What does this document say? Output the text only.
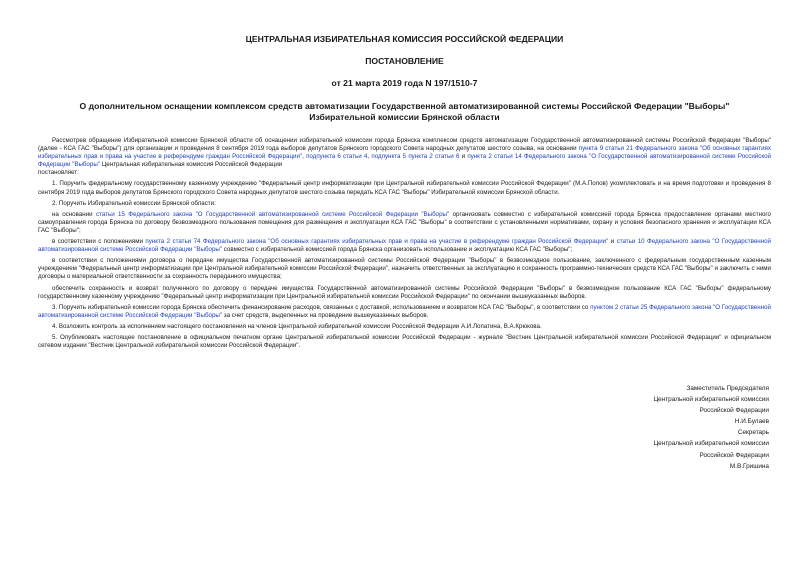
ЦЕНТРАЛЬНАЯ ИЗБИРАТЕЛЬНАЯ КОМИССИЯ РОССИЙСКОЙ ФЕДЕРАЦИИ
ПОСТАНОВЛЕНИЕ
от 21 марта 2019 года N 197/1510-7
О дополнительном оснащении комплексом средств автоматизации Государственной автоматизированной системы Российской Федерации "Выборы"
Избирательной комиссии Брянской области

Рассмотрев обращение Избирательной комиссии Брянской области об оснащении избирательной комиссии города Брянска комплексом средств автоматизации Государственной автоматизированной системы Российской Федерации "Выборы" (далее - КСА ГАС "Выборы") для организации и проведения 8 сентября 2019 года выборов депутатов Брянского городского Совета народных депутатов шестого созыва, на основании пункта 9 статьи 21 Федерального закона "Об основных гарантиях избирательных прав и права на участие в референдуме граждан Российской Федерации", подпункта 6 статьи 4, подпункта 5 пункта 2 статьи 6 и пункта 2 статьи 14 Федерального закона "О Государственной автоматизированной системе Российской Федерации "Выборы" Центральная избирательная комиссия Российской Федерации

постановляет:

1. Поручить федеральному государственному казенному учреждению "Федеральный центр информатизации при Центральной избирательной комиссии Российской Федерации" (М.А.Попов) укомплектовать и на время подготовки и проведения 8 сентября 2019 года выборов депутатов Брянского городского Совета народных депутатов шестого созыва передать КСА ГАС "Выборы" Избирательной комиссии Брянской области.

2. Поручить Избирательной комиссии Брянской области:

на основании статьи 15 Федерального закона "О Государственной автоматизированной системе Российской Федерации "Выборы" организовать совместно с избирательной комиссией города Брянска предоставление органами местного самоуправления города Брянска по договору безвозмездного пользования помещения для размещения и эксплуатации КСА ГАС "Выборы" в соответствии с установленными нормативами, охрану и условия безопасного хранения и эксплуатации КСА ГАС "Выборы";

в соответствии с положениями пункта 2 статьи 74 Федерального закона "Об основных гарантиях избирательных прав и права на участие в референдуме граждан Российской Федерации" и статьи 10 Федерального закона "О Государственной автоматизированной системе Российской Федерации "Выборы" совместно с избирательной комиссией города Брянска организовать использование и эксплуатацию КСА ГАС "Выборы";

в соответствии с положениями договора о передаче имущества Государственной автоматизированной системы Российской Федерации "Выборы" в безвозмездное пользование, заключенного с федеральным государственным казенным учреждением "Федеральный центр информатизации при Центральной избирательной комиссии Российской Федерации", назначить ответственных за эксплуатацию и сохранность программно-технических средств КСА ГАС "Выборы" и заключить с ними договоры о материальной ответственности за сохранность переданного имущества;

обеспечить сохранность и возврат полученного по договору о передаче имущества Государственной автоматизированной системы Российской Федерации "Выборы" в безвозмездное пользование КСА ГАС "Выборы" федеральному государственному казенному учреждению "Федеральный центр информатизации при Центральной избирательной комиссии Российской Федерации" по окончании вышеуказанных выборов.

3. Поручить избирательной комиссии города Брянска обеспечить финансирование расходов, связанных с доставкой, использованием и возвратом КСА ГАС "Выборы", в соответствии со пунктом 2 статьи 25 Федерального закона "О Государственной автоматизированной системе Российской Федерации "Выборы" за счет средств, выделенных на проведение вышеуказанных выборов.

4. Возложить контроль за исполнением настоящего постановления на членов Центральной избирательной комиссии Российской Федерации А.И.Лопатина, В.А.Крюкова.

5. Опубликовать настоящее постановление в официальном печатном органе Центральной избирательной комиссии Российской Федерации - журнале "Вестник Центральной избирательной комиссии Российской Федерации" и официальном сетевом издании "Вестник Центральной избирательной комиссии Российской Федерации".

Заместитель Председателя
Центральной избирательной комиссии
Российской Федерации
Н.И.Булаев
Секретарь
Центральной избирательной комиссии
Российской Федерации
М.В.Гришина
